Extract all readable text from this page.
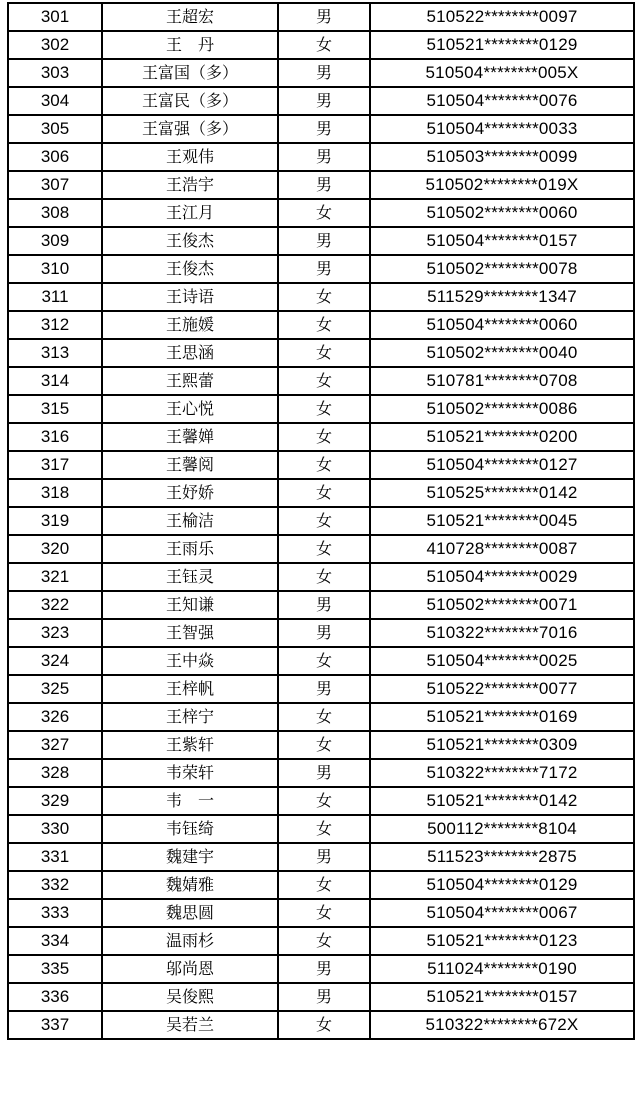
301	王超宏	男	510522********0097
302	王　丹	女	510521********0129
303	王富国（多）	男	510504********005X
304	王富民（多）	男	510504********0076
305	王富强（多）	男	510504********0033
306	王观伟	男	510503********0099
307	王浩宇	男	510502********019X
308	王江月	女	510502********0060
309	王俊杰	男	510504********0157
310	王俊杰	男	510502********0078
311	王诗语	女	511529********1347
312	王施媛	女	510504********0060
313	王思涵	女	510502********0040
314	王熙蕾	女	510781********0708
315	王心悦	女	510502********0086
316	王馨婵	女	510521********0200
317	王馨阅	女	510504********0127
318	王妤娇	女	510525********0142
319	王榆洁	女	510521********0045
320	王雨乐	女	410728********0087
321	王钰灵	女	510504********0029
322	王知谦	男	510502********0071
323	王智强	男	510322********7016
324	王中焱	女	510504********0025
325	王梓帆	男	510522********0077
326	王梓宁	女	510521********0169
327	王紫轩	女	510521********0309
328	韦荣轩	男	510322********7172
329	韦　一	女	510521********0142
330	韦钰绮	女	500112********8104
331	魏建宇	男	511523********2875
332	魏婧雅	女	510504********0129
333	魏思圆	女	510504********0067
334	温雨杉	女	510521********0123
335	邬尚恩	男	511024********0190
336	吴俊熙	男	510521********0157
337	吴若兰	女	510322********672X
